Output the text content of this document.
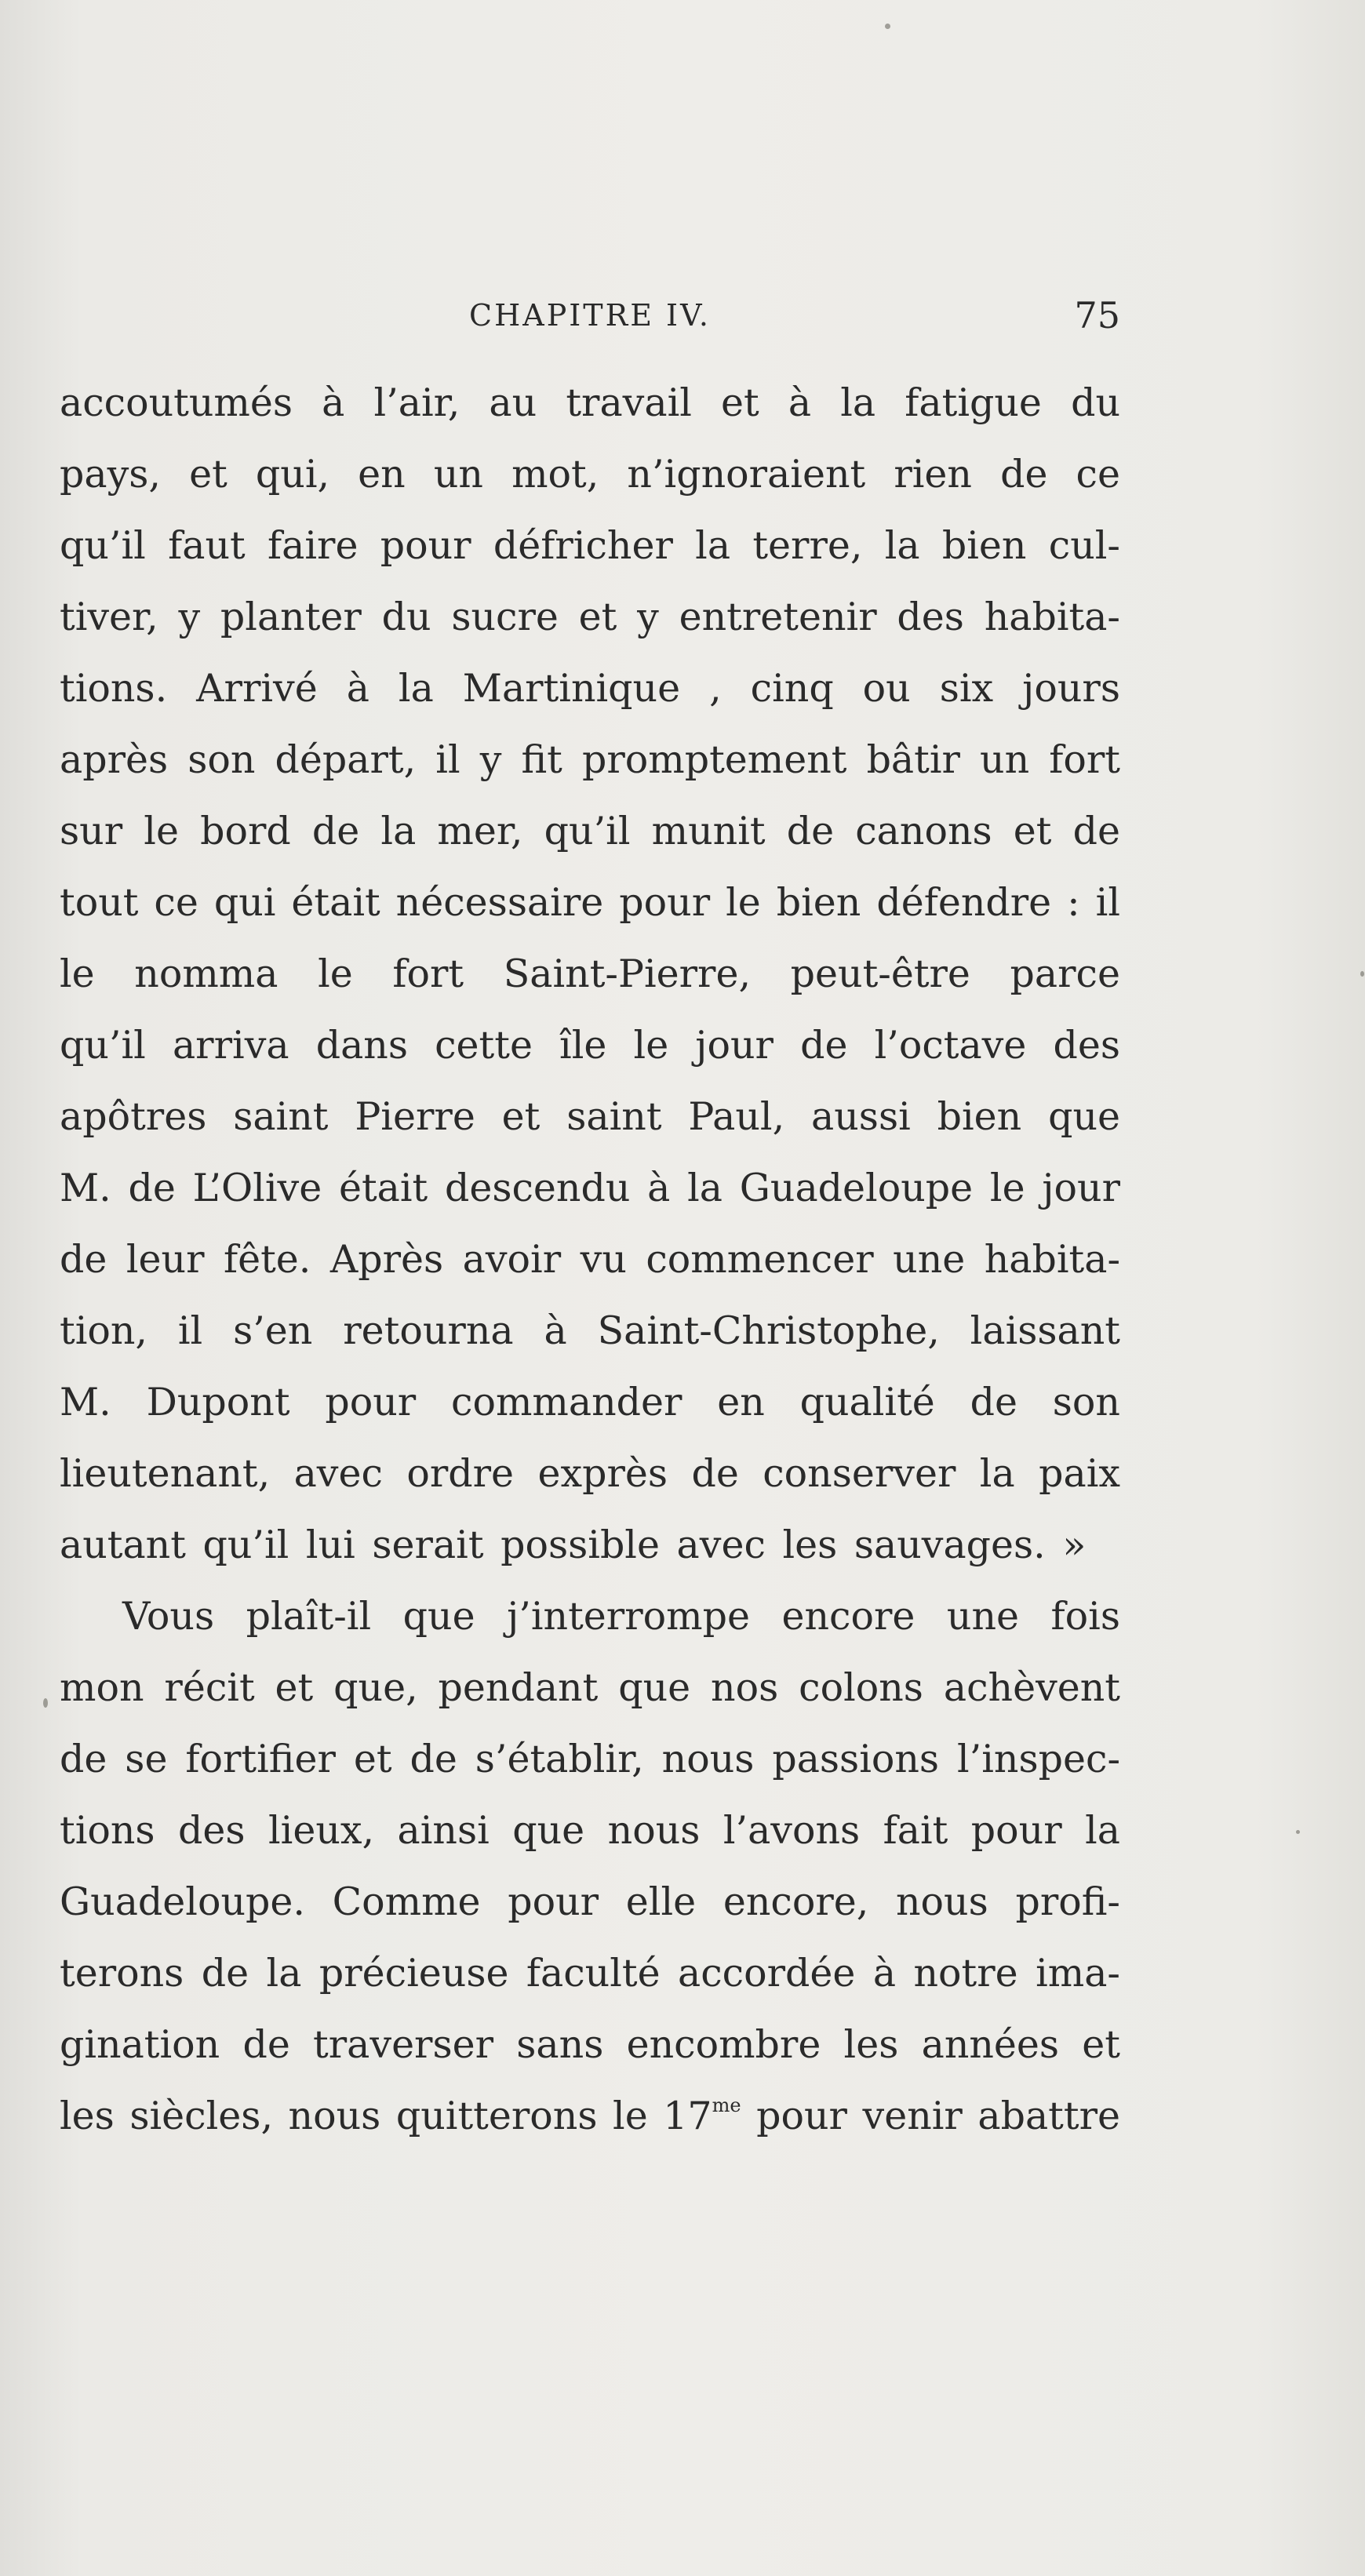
CHAPITRE IV.	75
accoutumés à l’air, au travail et à la fatigue du
pays, et qui, en un mot, n’ignoraient rien de ce
qu’il faut faire pour défricher la terre, la bien cul-
tiver, y planter du sucre et y entretenir des habita-
tions. Arrivé à la Martinique , cinq ou six jours
après son départ, il y fit promptement bâtir un fort
sur le bord de la mer, qu’il munit de canons et de
tout ce qui était nécessaire pour le bien défendre : il
le nomma le fort Saint-Pierre, peut-être parce
qu’il arriva dans cette île le jour de l’octave des
apôtres saint Pierre et saint Paul, aussi bien que
M. de L’Olive était descendu à la Guadeloupe le jour
de leur fête. Après avoir vu commencer une habita-
tion, il s’en retourna à Saint-Christophe, laissant
M. Dupont pour commander en qualité de son
lieutenant, avec ordre exprès de conserver la paix
autant qu’il lui serait possible avec les sauvages. »
Vous plaît-il que j’interrompe encore une fois
mon récit et que, pendant que nos colons achèvent
de se fortifier et de s’établir, nous passions l’inspec-
tions des lieux, ainsi que nous l’avons fait pour la
Guadeloupe. Comme pour elle encore, nous profi-
terons de la précieuse faculté accordée à notre ima-
gination de traverser sans encombre les années et
les siècles, nous quitterons le $17^{me}$ pour venir abattre
